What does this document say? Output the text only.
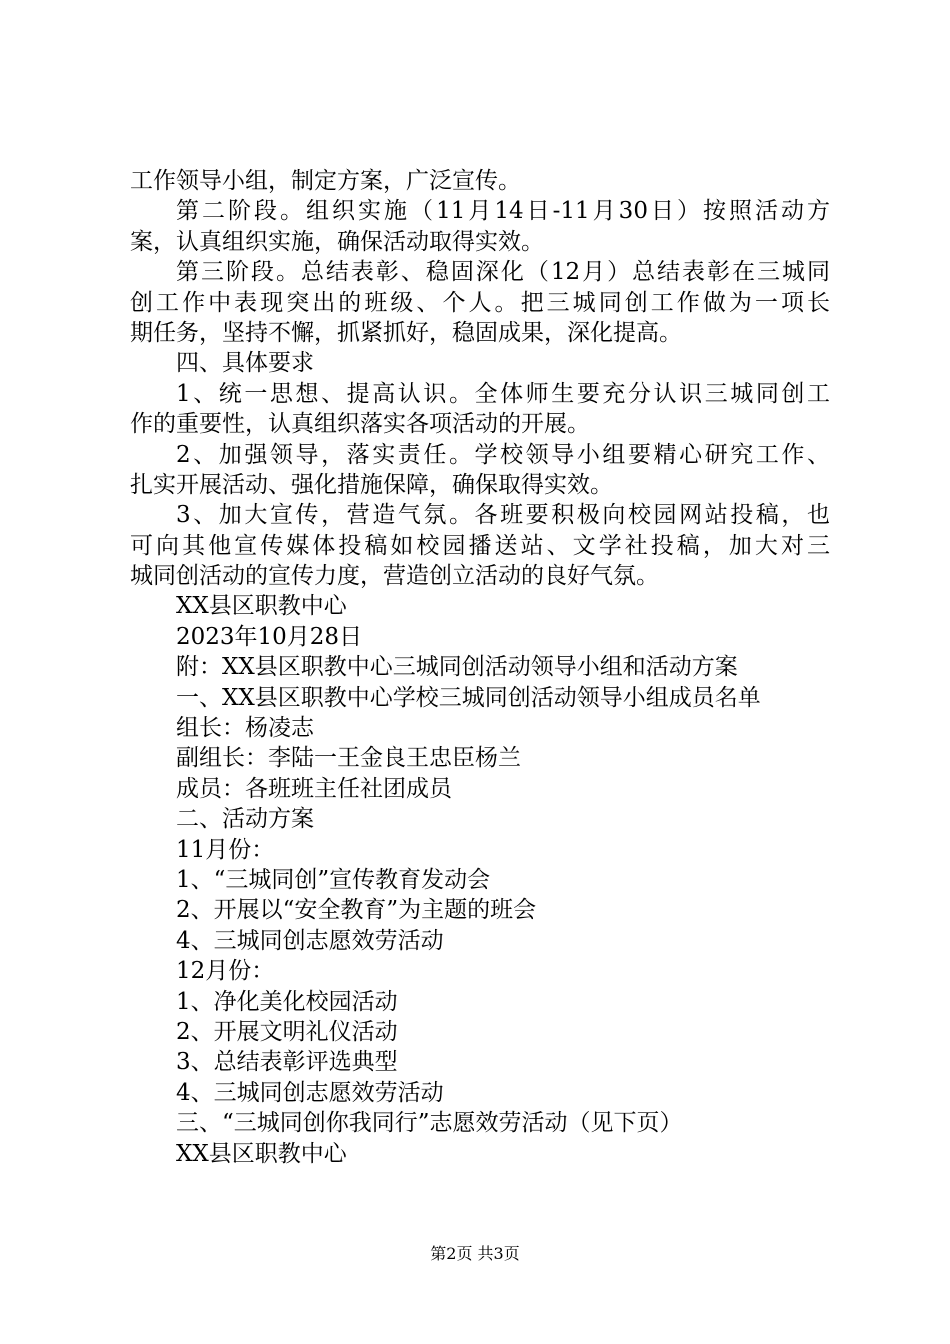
工作领导小组，制定方案，广泛宣传。
第二阶段。组织实施（11月14日-11月30日）按照活动方
案，认真组织实施，确保活动取得实效。
第三阶段。总结表彰、稳固深化（12月）总结表彰在三城同
创工作中表现突出的班级、个人。把三城同创工作做为一项长
期任务，坚持不懈，抓紧抓好，稳固成果，深化提高。
四、具体要求
1、统一思想、提高认识。全体师生要充分认识三城同创工
作的重要性，认真组织落实各项活动的开展。
2、加强领导，落实责任。学校领导小组要精心研究工作、
扎实开展活动、强化措施保障，确保取得实效。
3、加大宣传，营造气氛。各班要积极向校园网站投稿，也
可向其他宣传媒体投稿如校园播送站、文学社投稿，加大对三
城同创活动的宣传力度，营造创立活动的良好气氛。
XX县区职教中心
2023年10月28日
附：XX县区职教中心三城同创活动领导小组和活动方案
一、XX县区职教中心学校三城同创活动领导小组成员名单
组长：杨凌志
副组长：李陆一王金良王忠臣杨兰
成员：各班班主任社团成员
二、活动方案
11月份：
1、“三城同创”宣传教育发动会
2、开展以“安全教育”为主题的班会
4、三城同创志愿效劳活动
12月份：
1、净化美化校园活动
2、开展文明礼仪活动
3、总结表彰评选典型
4、三城同创志愿效劳活动
三、“三城同创你我同行”志愿效劳活动（见下页）
XX县区职教中心
第2页 共3页
